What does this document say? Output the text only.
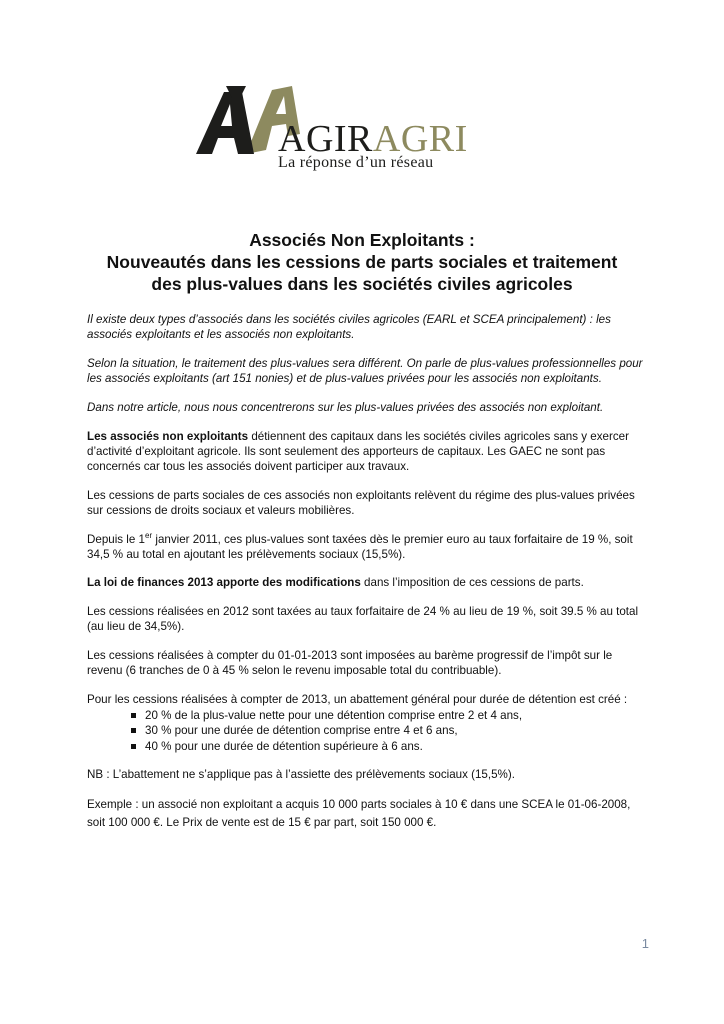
AGIRAGRI
La réponse d’un réseau
Associés Non Exploitants :
Nouveautés dans les cessions de parts sociales et traitement
des plus-values dans les sociétés civiles agricoles

Il existe deux types d’associés dans les sociétés civiles agricoles (EARL et SCEA principalement) : les associés exploitants et les associés non exploitants.

Selon la situation, le traitement des plus-values sera différent. On parle de plus-values professionnelles pour les associés exploitants (art 151 nonies) et de plus-values privées pour les associés non exploitants.

Dans notre article, nous nous concentrerons sur les plus-values privées des associés non exploitant.

Les associés non exploitants détiennent des capitaux dans les sociétés civiles agricoles sans y exercer d’activité d’exploitant agricole. Ils sont seulement des apporteurs de capitaux. Les GAEC ne sont pas concernés car tous les associés doivent participer aux travaux.

Les cessions de parts sociales de ces associés non exploitants relèvent du régime des plus-values privées sur cessions de droits sociaux et valeurs mobilières.

Depuis le 1er janvier 2011, ces plus-values sont taxées dès le premier euro au taux forfaitaire de 19 %, soit 34,5 % au total en ajoutant les prélèvements sociaux (15,5%).

La loi de finances 2013 apporte des modifications dans l’imposition de ces cessions de parts.

Les cessions réalisées en 2012 sont taxées au taux forfaitaire de 24 % au lieu de 19 %, soit 39.5 % au total (au lieu de 34,5%).

Les cessions réalisées à compter du 01-01-2013 sont imposées au barème progressif de l’impôt sur le revenu (6 tranches de 0 à 45 % selon le revenu imposable total du contribuable).

Pour les cessions réalisées à compter de 2013, un abattement général pour durée de détention est créé :

20 % de la plus-value nette pour une détention comprise entre 2 et 4 ans,
30 % pour une durée de détention comprise entre 4 et 6 ans,
40 % pour une durée de détention supérieure à 6 ans.

NB : L’abattement ne s’applique pas à l’assiette des prélèvements sociaux (15,5%).

Exemple : un associé non exploitant a acquis 10 000 parts sociales à 10 € dans une SCEA le 01-06-2008, soit 100 000 €. Le Prix de vente est de 15 € par part, soit 150 000 €.

1
